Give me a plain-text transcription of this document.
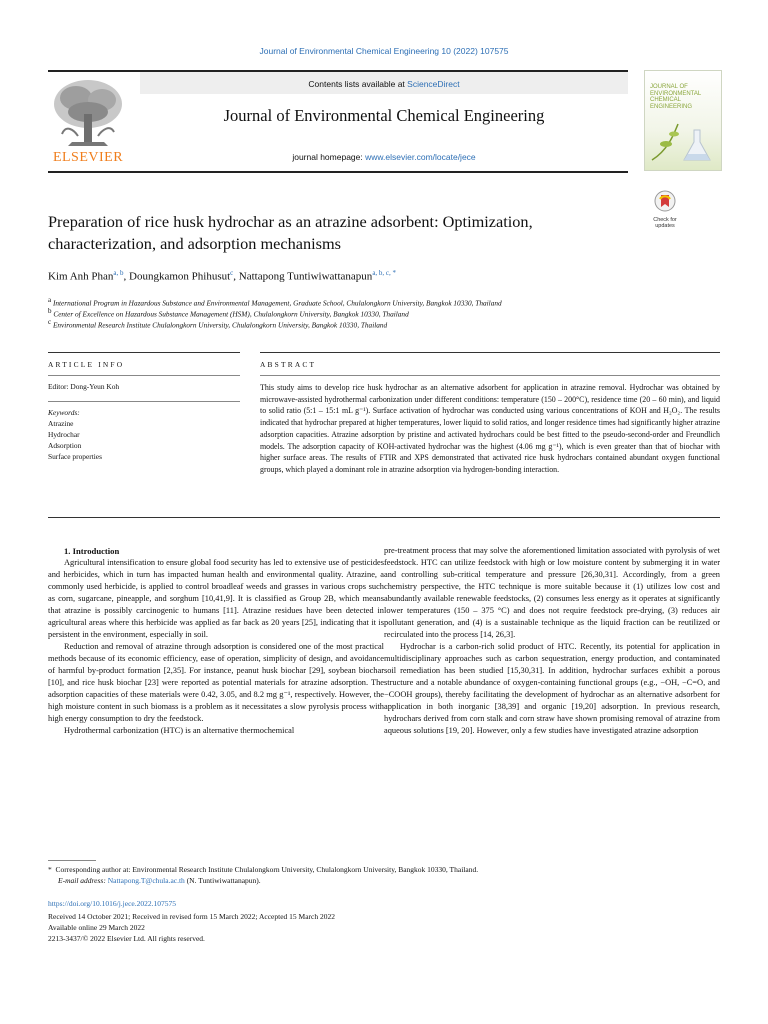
Journal of Environmental Chemical Engineering 10 (2022) 107575
Contents lists available at ScienceDirect
Journal of Environmental Chemical Engineering
journal homepage: www.elsevier.com/locate/jece
ELSEVIER
JOURNAL OF ENVIRONMENTAL CHEMICAL ENGINEERING
Preparation of rice husk hydrochar as an atrazine adsorbent: Optimization,
characterization, and adsorption mechanisms
Check for updates
Kim Anh Phan$^{a, b}$, Doungkamon Phihusut$^c$, Nattapong Tuntiwiwattanapun$^{a, b, c, *}$
$^a$ International Program in Hazardous Substance and Environmental Management, Graduate School, Chulalongkorn University, Bangkok 10330, Thailand
$^b$ Center of Excellence on Hazardous Substance Management (HSM), Chulalongkorn University, Bangkok 10330, Thailand
$^c$ Environmental Research Institute Chulalongkorn University, Chulalongkorn University, Bangkok 10330, Thailand
ARTICLE INFO	ABSTRACT
Editor: Dong-Yeun Koh
Keywords:
Atrazine
Hydrochar
Adsorption
Surface properties
This study aims to develop rice husk hydrochar as an alternative adsorbent for application in atrazine removal. Hydrochar was obtained by microwave-assisted hydrothermal carbonization under different conditions: temperature (150 – 200°C), residence time (20 – 60 min), and liquid to solid ratio (5:1 – 15:1 mL g⁻¹). Surface activation of hydrochar was conducted using various concentrations of KOH and H₂O₂. The results indicated that hydrochar prepared at higher temperatures, lower liquid to solid ratios, and longer residence times had significantly higher atrazine adsorption capacities. Atrazine adsorption by pristine and activated hydrochars could be best fitted to the pseudo-second-order and Freundlich models. The adsorption capacity of KOH-activated hydrochar was the highest (4.06 mg g⁻¹), which is even greater than that of biochar with higher surface areas. The results of FTIR and XPS demonstrated that activated rice husk hydrochars contained abundant oxygen functional groups, which played a dominant role in atrazine adsorption via hydrogen-bonding interaction.

1. Introduction

Agricultural intensification to ensure global food security has led to extensive use of pesticides and herbicides, which in turn has impacted human health and environmental quality. Atrazine, a commonly used herbicide, is applied to control broadleaf weeds and grasses in various crops such as corn, sugarcane, pineapple, and sorghum [10,41,9]. It is classified as Group 2B, which means that atrazine is possibly carcinogenic to humans [11]. Atrazine residues have been detected in agricultural areas where this herbicide was applied as far back as 20 years [25], indicating that it is persistent in the environment, especially in soil.

Reduction and removal of atrazine through adsorption is considered one of the most practical methods because of its economic efficiency, ease of operation, simplicity of design, and avoidance of harmful by-product formation [2,35]. For instance, peanut husk biochar [29], soybean biochar [10], and rice husk biochar [23] were reported as potential materials for atrazine adsorption. The adsorption capacities of these materials were 0.42, 3.05, and 8.2 mg g⁻¹, respectively. However, the high moisture content in such biomass is a problem as it necessitates a slow pyrolysis process with high energy consumption to dry the feedstock.

Hydrothermal carbonization (HTC) is an alternative thermochemical

pre-treatment process that may solve the aforementioned limitation associated with pyrolysis of wet feedstock. HTC can utilize feedstock with high or low moisture content by submerging it in water and controlling sub-critical temperature and pressure [26,30,31]. Accordingly, from a green chemistry perspective, the HTC technique is more suitable because it (1) utilizes low cost and abundantly available renewable feedstocks, (2) consumes less energy as it operates at significantly lower temperatures (150 – 375 °C) and does not require feedstock pre-drying, (3) reduces air pollutant generation, and (4) is a sustainable technique as the liquid fraction can be reutilized or recirculated into the process [14, 26,3].

Hydrochar is a carbon-rich solid product of HTC. Recently, its potential for application in multidisciplinary approaches such as carbon sequestration, energy production, and contaminated soil remediation has been studied [15,30,31]. In addition, hydrochar surfaces exhibit a porous structure and a notable abundance of oxygen-containing functional groups (e.g., −OH, −C=O, and −COOH groups), thereby facilitating the development of hydrochar as an alternative adsorbent for application in both inorganic [38,39] and organic [19,20] adsorption. In previous research, hydrochars derived from corn stalk and corn straw have shown promising removal of atrazine from aqueous solutions [19, 20]. However, only a few studies have investigated atrazine adsorption

* Corresponding author at: Environmental Research Institute Chulalongkorn University, Chulalongkorn University, Bangkok 10330, Thailand.
E-mail address: Nattapong.T@chula.ac.th (N. Tuntiwiwattanapun).
https://doi.org/10.1016/j.jece.2022.107575
Received 14 October 2021; Received in revised form 15 March 2022; Accepted 15 March 2022
Available online 29 March 2022
2213-3437/© 2022 Elsevier Ltd. All rights reserved.
